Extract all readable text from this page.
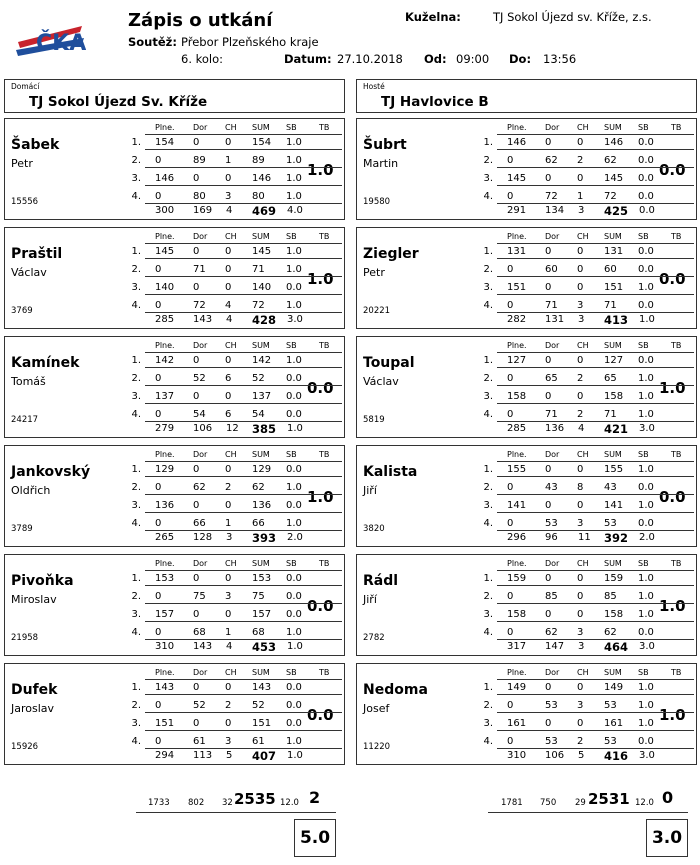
ČKA
Zápis o utkání	Kuželna:	TJ Sokol Újezd sv. Kříže, z.s.
Soutěž: Přebor Plzeňského kraje
6. kolo:	Datum: 27.10.2018 Od: 09:00 Do: 13:56
Domácí
TJ Sokol Újezd Sv. Kříže
Hosté
TJ Havlovice B
Šabek
Petr
15556
1.0
Plne. Dor CH SUM SB	TB
1. 154 0	0 154 1.0
2. 0	89 1 89 1.0
3. 146 0	0 146 1.0
4. 0	80 3 80 1.0
300 169 4 469 4.0
Praštil
Václav
3769
1.0
Plne. Dor CH SUM SB	TB
1. 145 0	0 145 1.0
2. 0	71 0 71 1.0
3. 140 0	0 140 0.0
4. 0	72 4 72 1.0
285 143 4 428 3.0
Kamínek
Tomáš
24217
0.0
Plne. Dor CH SUM SB	TB
1. 142 0	0 142 1.0
2. 0	52 6 52 0.0
3. 137 0	0 137 0.0
4. 0	54 6 54 0.0
279 106 12 385 1.0
Jankovský
Oldřich
3789
1.0
Plne. Dor CH SUM SB	TB
1. 129 0	0 129 0.0
2. 0	62 2 62 1.0
3. 136 0	0 136 0.0
4. 0	66 1 66 1.0
265 128 3 393 2.0
Pivoňka
Miroslav
21958
0.0
Plne. Dor CH SUM SB	TB
1. 153 0	0 153 0.0
2. 0	75 3 75 0.0
3. 157 0	0 157 0.0
4. 0	68 1 68 1.0
310 143 4 453 1.0
Dufek
Jaroslav
15926
0.0
Plne. Dor CH SUM SB	TB
1. 143 0	0 143 0.0
2. 0	52 2 52 0.0
3. 151 0	0 151 0.0
4. 0	61 3 61 1.0
294 113 5 407 1.0
Šubrt
Martin
19580
0.0
Plne. Dor CH SUM SB	TB
1. 146 0	0 146 0.0
2. 0	62 2 62 0.0
3. 145 0	0 145 0.0
4. 0	72 1 72 0.0
291 134 3 425 0.0
Ziegler
Petr
20221
0.0
Plne. Dor CH SUM SB	TB
1. 131 0	0 131 0.0
2. 0	60 0 60 0.0
3. 151 0	0 151 1.0
4. 0	71 3 71 0.0
282 131 3 413 1.0
Toupal
Václav
5819
1.0
Plne. Dor CH SUM SB	TB
1. 127 0	0 127 0.0
2. 0	65 2 65 1.0
3. 158 0	0 158 1.0
4. 0	71 2 71 1.0
285 136 4 421 3.0
Kalista
Jiří
3820
0.0
Plne. Dor CH SUM SB	TB
1. 155 0	0 155 1.0
2. 0	43 8 43 0.0
3. 141 0	0 141 1.0
4. 0	53 3 53 0.0
296 96 11 392 2.0
Rádl
Jiří
2782
1.0
Plne. Dor CH SUM SB	TB
1. 159 0	0 159 1.0
2. 0	85 0 85 1.0
3. 158 0	0 158 1.0
4. 0	62 3 62 0.0
317 147 3 464 3.0
Nedoma
Josef
11220
1.0
Plne. Dor CH SUM SB	TB
1. 149 0	0 149 1.0
2. 0	53 3 53 1.0
3. 161 0	0 161 1.0
4. 0	53 2 53 0.0
310 106 5 416 3.0
1733 802 32 2535 12.0 2
5.0
1781 750 29 2531 12.0 0
3.0
